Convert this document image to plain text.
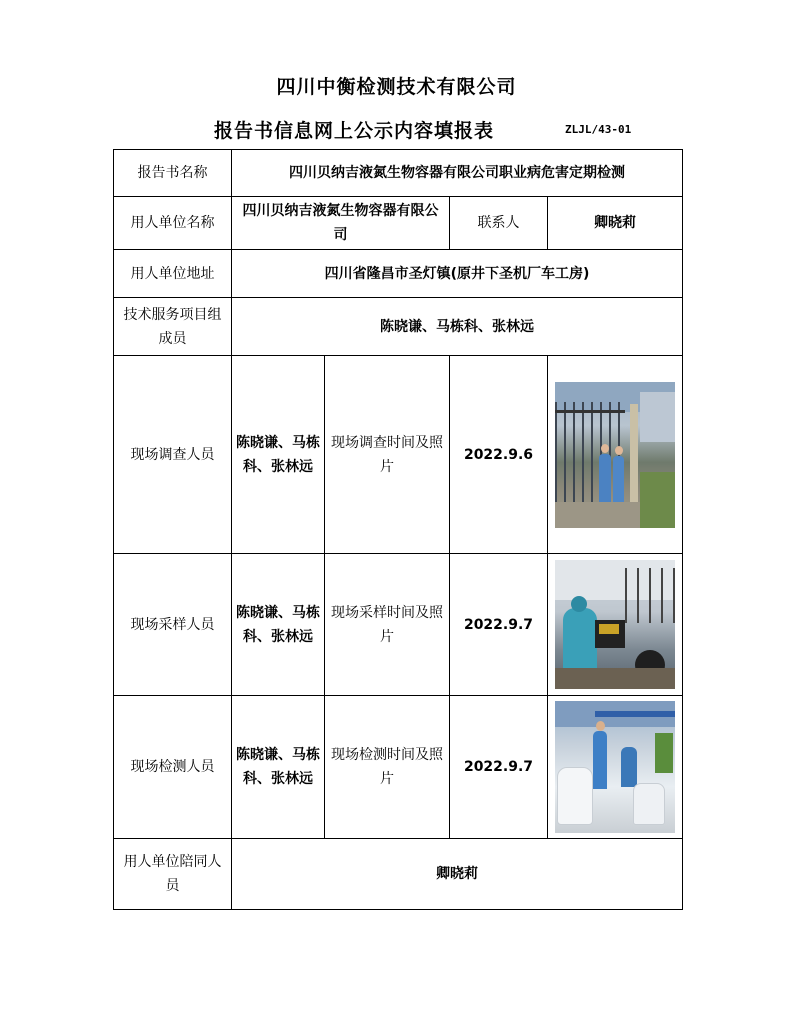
四川中衡检测技术有限公司
报告书信息网上公示内容填报表	ZLJL/43-01
报告书名称	四川贝纳吉液氮生物容器有限公司职业病危害定期检测			
用人单位名称	四川贝纳吉液氮生物容器有限公司		联系人	卿晓莉
用人单位地址	四川省隆昌市圣灯镇(原井下圣机厂车工房)			
技术服务项目组成员	陈晓谦、马栋科、张林远			
现场调查人员	陈晓谦、马栋科、张林远	现场调查时间及照片	2022.9.6	

现场采样人员	陈晓谦、马栋科、张林远	现场采样时间及照片	2022.9.7	

现场检测人员	陈晓谦、马栋科、张林远	现场检测时间及照片	2022.9.7	

用人单位陪同人员	卿晓莉			
